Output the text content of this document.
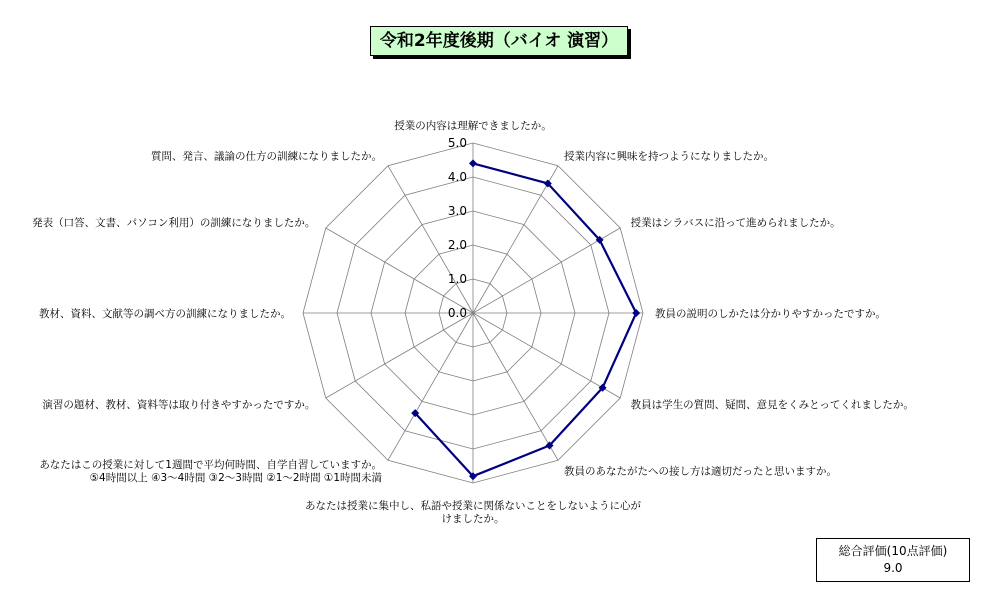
令和2年度後期（バイオ 演習）
0.0
1.0
2.0
3.0
4.0
5.0
授業の内容は理解できましたか。
授業内容に興味を持つようになりましたか。
授業はシラバスに沿って進められましたか。
教員の説明のしかたは分かりやすかったですか。
教員は学生の質問、疑問、意見をくみとってくれましたか。
教員のあなたがたへの接し方は適切だったと思いますか。
あなたは授業に集中し、私語や授業に関係ないことをしないように心がけましたか。
あなたはこの授業に対して1週間で平均何時間、自学自習していますか。 ⑤4時間以上 ④3〜4時間 ③2〜3時間 ②1〜2時間 ①1時間未満
演習の題材、教材、資料等は取り付きやすかったですか。
教材、資料、文献等の調べ方の訓練になりましたか。
発表（口答、文書、パソコン利用）の訓練になりましたか。
質問、発言、議論の仕方の訓練になりましたか。
総合評価(10点評価)
9.0
